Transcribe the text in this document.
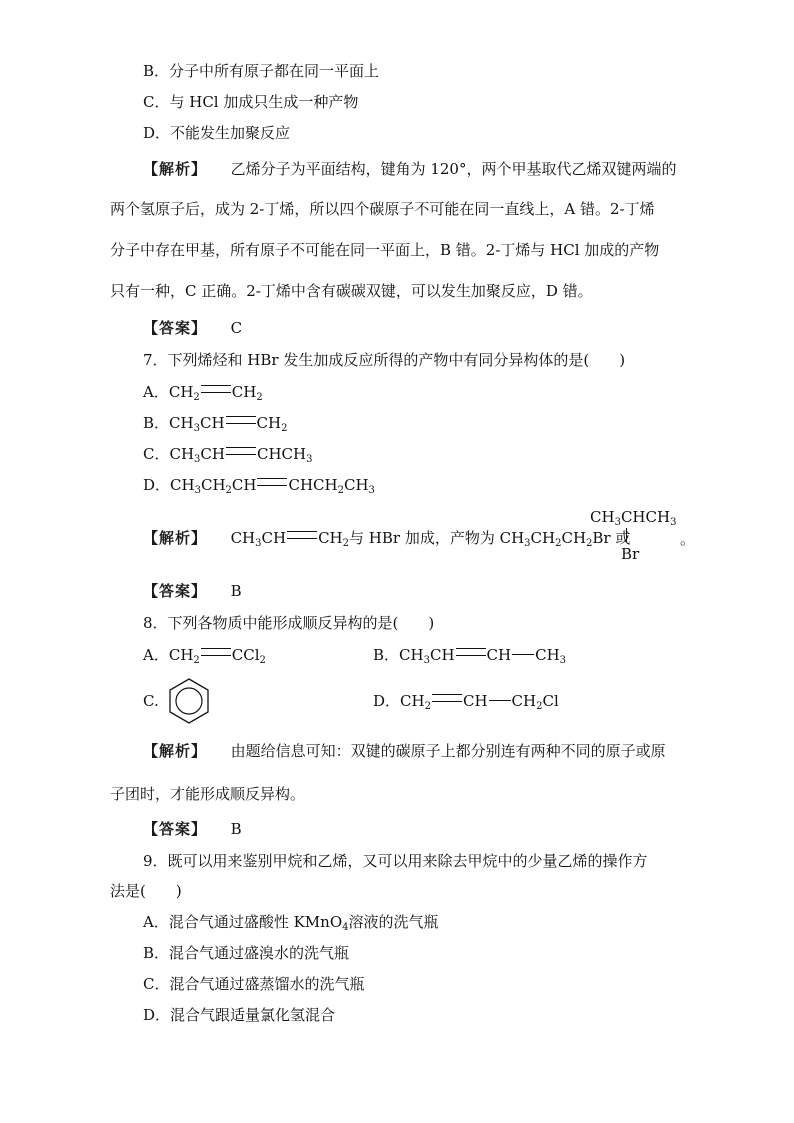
B．分子中所有原子都在同一平面上
C．与 HCl 加成只生成一种产物
D．不能发生加聚反应
【解析】 乙烯分子为平面结构，键角为 120°，两个甲基取代乙烯双键两端的
两个氢原子后，成为 2-丁烯，所以四个碳原子不可能在同一直线上，A 错。2-丁烯
分子中存在甲基，所有原子不可能在同一平面上，B 错。2-丁烯与 HCl 加成的产物
只有一种，C 正确。2-丁烯中含有碳碳双键，可以发生加聚反应，D 错。
【答案】 C
7．下列烯烃和 HBr 发生加成反应所得的产物中有同分异构体的是(　　)
A．$CH_2$ $CH_2$
B．$CH_3CH$ $CH_2$
C．$CH_3CH$ $CHCH_3$
D．$CH_3CH_2CH$ $CHCH_2CH_3$
【解析】 $CH_3CH$ $CH_2$与 HBr 加成，产物为 $CH_3CH_2CH_2Br$ 或
$CH_3CHCH_3$
Br
。
【答案】 B
8．下列各物质中能形成顺反异构的是(　　)
A．$CH_2$ CCl$_2$	B．$CH_3CH$ CH $CH_3$
C.	D．$CH_2$ CH $CH_2Cl$
【解析】 由题给信息可知：双键的碳原子上都分别连有两种不同的原子或原
子团时，才能形成顺反异构。
【答案】 B
9．既可以用来鉴别甲烷和乙烯，又可以用来除去甲烷中的少量乙烯的操作方
法是(　　)
A．混合气通过盛酸性 KMnO$_4$溶液的洗气瓶
B．混合气通过盛溴水的洗气瓶
C．混合气通过盛蒸馏水的洗气瓶
D．混合气跟适量氯化氢混合
